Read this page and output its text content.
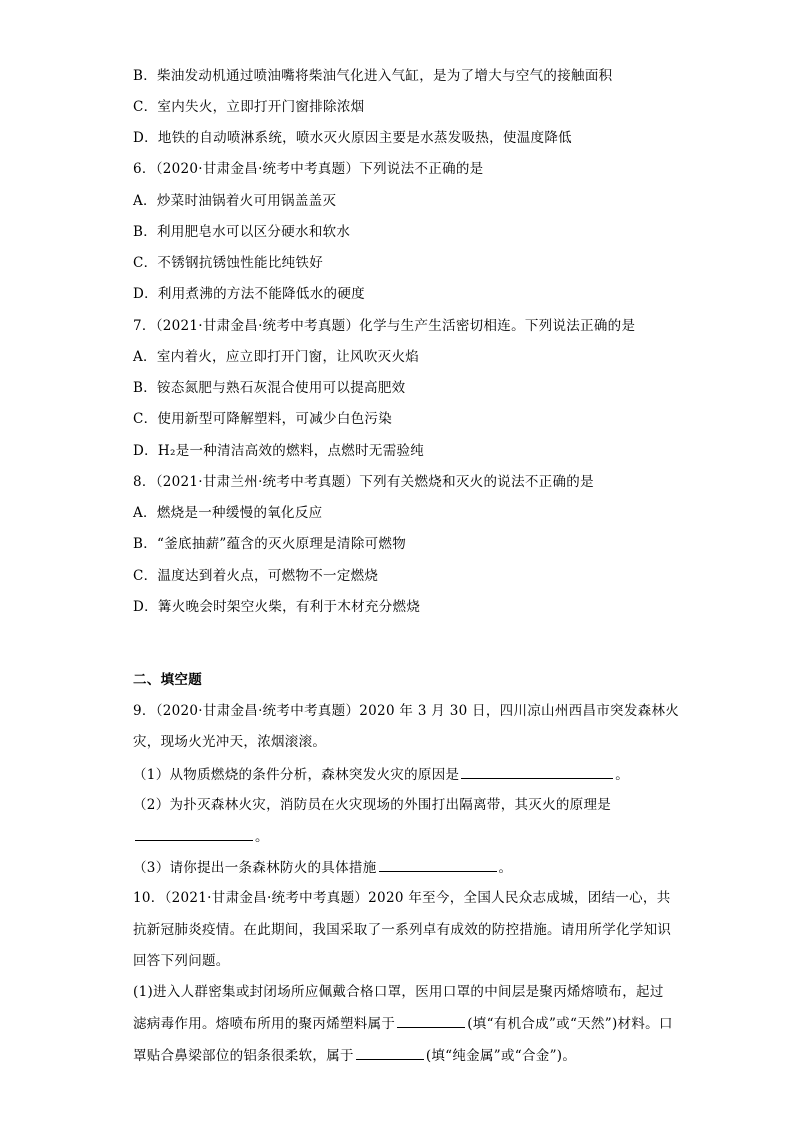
B．柴油发动机通过喷油嘴将柴油气化进入气缸，是为了增大与空气的接触面积
C．室内失火，立即打开门窗排除浓烟
D．地铁的自动喷淋系统，喷水灭火原因主要是水蒸发吸热，使温度降低
6．（2020·甘肃金昌·统考中考真题）下列说法不正确的是
A．炒菜时油锅着火可用锅盖盖灭
B．利用肥皂水可以区分硬水和软水
C．不锈钢抗锈蚀性能比纯铁好
D．利用煮沸的方法不能降低水的硬度
7．（2021·甘肃金昌·统考中考真题）化学与生产生活密切相连。下列说法正确的是
A．室内着火，应立即打开门窗，让风吹灭火焰
B．铵态氮肥与熟石灰混合使用可以提高肥效
C．使用新型可降解塑料，可减少白色污染
D．H₂是一种清洁高效的燃料，点燃时无需验纯
8．（2021·甘肃兰州·统考中考真题）下列有关燃烧和灭火的说法不正确的是
A．燃烧是一种缓慢的氧化反应
B．“釜底抽薪”蕴含的灭火原理是清除可燃物
C．温度达到着火点，可燃物不一定燃烧
D．篝火晚会时架空火柴，有利于木材充分燃烧
二、填空题
9．（2020·甘肃金昌·统考中考真题）2020 年 3 月 30 日，四川凉山州西昌市突发森林火
灾，现场火光冲天，浓烟滚滚。
（1）从物质燃烧的条件分析，森林突发火灾的原因是	。
（2）为扑灭森林火灾，消防员在火灾现场的外围打出隔离带，其灭火的原理是
。
（3）请你提出一条森林防火的具体措施	。
10．（2021·甘肃金昌·统考中考真题）2020 年至今，全国人民众志成城，团结一心，共
抗新冠肺炎疫情。在此期间，我国采取了一系列卓有成效的防控措施。请用所学化学知识
回答下列问题。
(1)进入人群密集或封闭场所应佩戴合格口罩，医用口罩的中间层是聚丙烯熔喷布，起过
滤病毒作用。熔喷布所用的聚丙烯塑料属于	(填“有机合成”或“天然”)材料。口
罩贴合鼻梁部位的铝条很柔软，属于	(填“纯金属”或“合金”)。
